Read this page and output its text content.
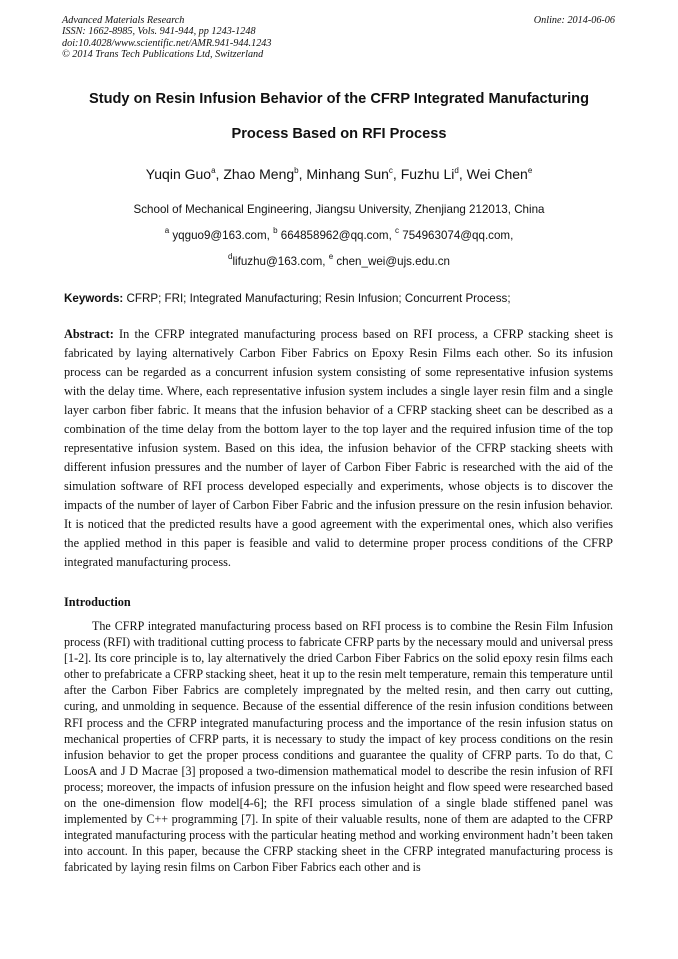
Advanced Materials Research
ISSN: 1662-8985, Vols. 941-944, pp 1243-1248
doi:10.4028/www.scientific.net/AMR.941-944.1243
© 2014 Trans Tech Publications Ltd, Switzerland
Online: 2014-06-06
Study on Resin Infusion Behavior of the CFRP Integrated Manufacturing
Process Based on RFI Process
Yuqin Guo$^a$, Zhao Meng$^b$, Minhang Sun$^c$, Fuzhu Li$^d$, Wei Chen$^e$
School of Mechanical Engineering, Jiangsu University, Zhenjiang 212013, China
$^a$ yqguo9@163.com, $^b$ 664858962@qq.com, $^c$ 754963074@qq.com,
$^d$lifuzhu@163.com, $^e$ chen_wei@ujs.edu.cn
Keywords: CFRP; FRI; Integrated Manufacturing; Resin Infusion; Concurrent Process;
Abstract: In the CFRP integrated manufacturing process based on RFI process, a CFRP stacking sheet is fabricated by laying alternatively Carbon Fiber Fabrics on Epoxy Resin Films each other. So its infusion process can be regarded as a concurrent infusion system consisting of some representative infusion systems with the delay time. Where, each representative infusion system includes a single layer resin film and a single layer carbon fiber fabric. It means that the infusion behavior of a CFRP stacking sheet can be described as a combination of the time delay from the bottom layer to the top layer and the required infusion time of the top representative infusion system. Based on this idea, the infusion behavior of the CFRP stacking sheets with different infusion pressures and the number of layer of Carbon Fiber Fabric is researched with the aid of the simulation software of RFI process developed especially and experiments, whose objects is to discover the impacts of the number of layer of Carbon Fiber Fabric and the infusion pressure on the resin infusion behavior. It is noticed that the predicted results have a good agreement with the experimental ones, which also verifies the applied method in this paper is feasible and valid to determine proper process conditions of the CFRP integrated manufacturing process.
Introduction
The CFRP integrated manufacturing process based on RFI process is to combine the Resin Film Infusion process (RFI) with traditional cutting process to fabricate CFRP parts by the necessary mould and universal press [1-2]. Its core principle is to, lay alternatively the dried Carbon Fiber Fabrics on the solid epoxy resin films each other to prefabricate a CFRP stacking sheet, heat it up to the resin melt temperature, remain this temperature until after the Carbon Fiber Fabrics are completely impregnated by the melted resin, and then carry out cutting, curing, and unmolding in sequence. Because of the essential difference of the resin infusion conditions between RFI process and the CFRP integrated manufacturing process and the importance of the resin infusion status on mechanical properties of CFRP parts, it is necessary to study the impact of key process conditions on the resin infusion behavior to get the proper process conditions and guarantee the quality of CFRP parts. To do that, C LoosA and J D Macrae [3] proposed a two-dimension mathematical model to describe the resin infusion of RFI process; moreover, the impacts of infusion pressure on the infusion height and flow speed were researched based on the one-dimension flow model[4-6]; the RFI process simulation of a single blade stiffened panel was implemented by C++ programming [7]. In spite of their valuable results, none of them are adapted to the CFRP integrated manufacturing process with the particular heating method and working environment hadn’t been taken into account. In this paper, because the CFRP stacking sheet in the CFRP integrated manufacturing process is fabricated by laying resin films on Carbon Fiber Fabrics each other and is
